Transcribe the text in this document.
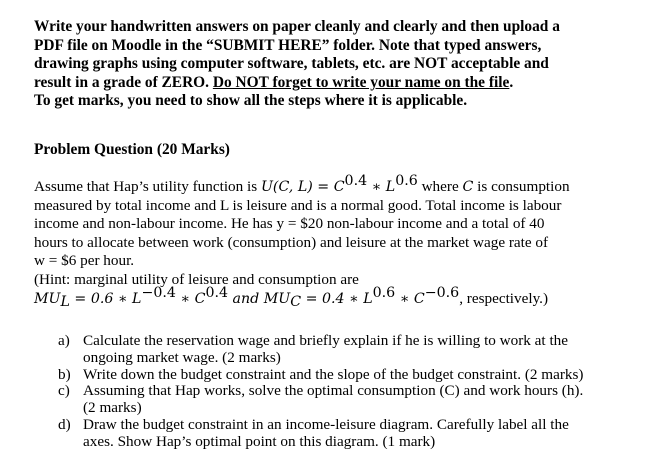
Write your handwritten answers on paper cleanly and clearly and then upload a
PDF file on Moodle in the “SUBMIT HERE” folder. Note that typed answers,
drawing graphs using computer software, tablets, etc. are NOT acceptable and
result in a grade of ZERO. Do NOT forget to write your name on the file.
To get marks, you need to show all the steps where it is applicable.
Problem Question (20 Marks)
Assume that Hap’s utility function is U(C, $L) = C^{0.4}$ ∗ $L^{0.6}$ where C is consumption
measured by total income and L is leisure and is a normal good. Total income is labour
income and non-labour income. He has y = $20 non-labour income and a total of 40
hours to allocate between work (consumption) and leisure at the market wage rate of
w = $6 per hour.
(Hint: marginal utility of leisure and consumption are
$MU_L = 0.6$ ∗ $L^{-0.4}$ ∗ $C^{0.4}$ and $MU_C = 0.4$ ∗ $L^{0.6}$ ∗ $C^{-0.6}$, respectively.)
a) Calculate the reservation wage and briefly explain if he is willing to work at the
ongoing market wage. (2 marks)
b) Write down the budget constraint and the slope of the budget constraint. (2 marks)
c) Assuming that Hap works, solve the optimal consumption (C) and work hours (h).
(2 marks)
d) Draw the budget constraint in an income-leisure diagram. Carefully label all the
axes. Show Hap’s optimal point on this diagram. (1 mark)
